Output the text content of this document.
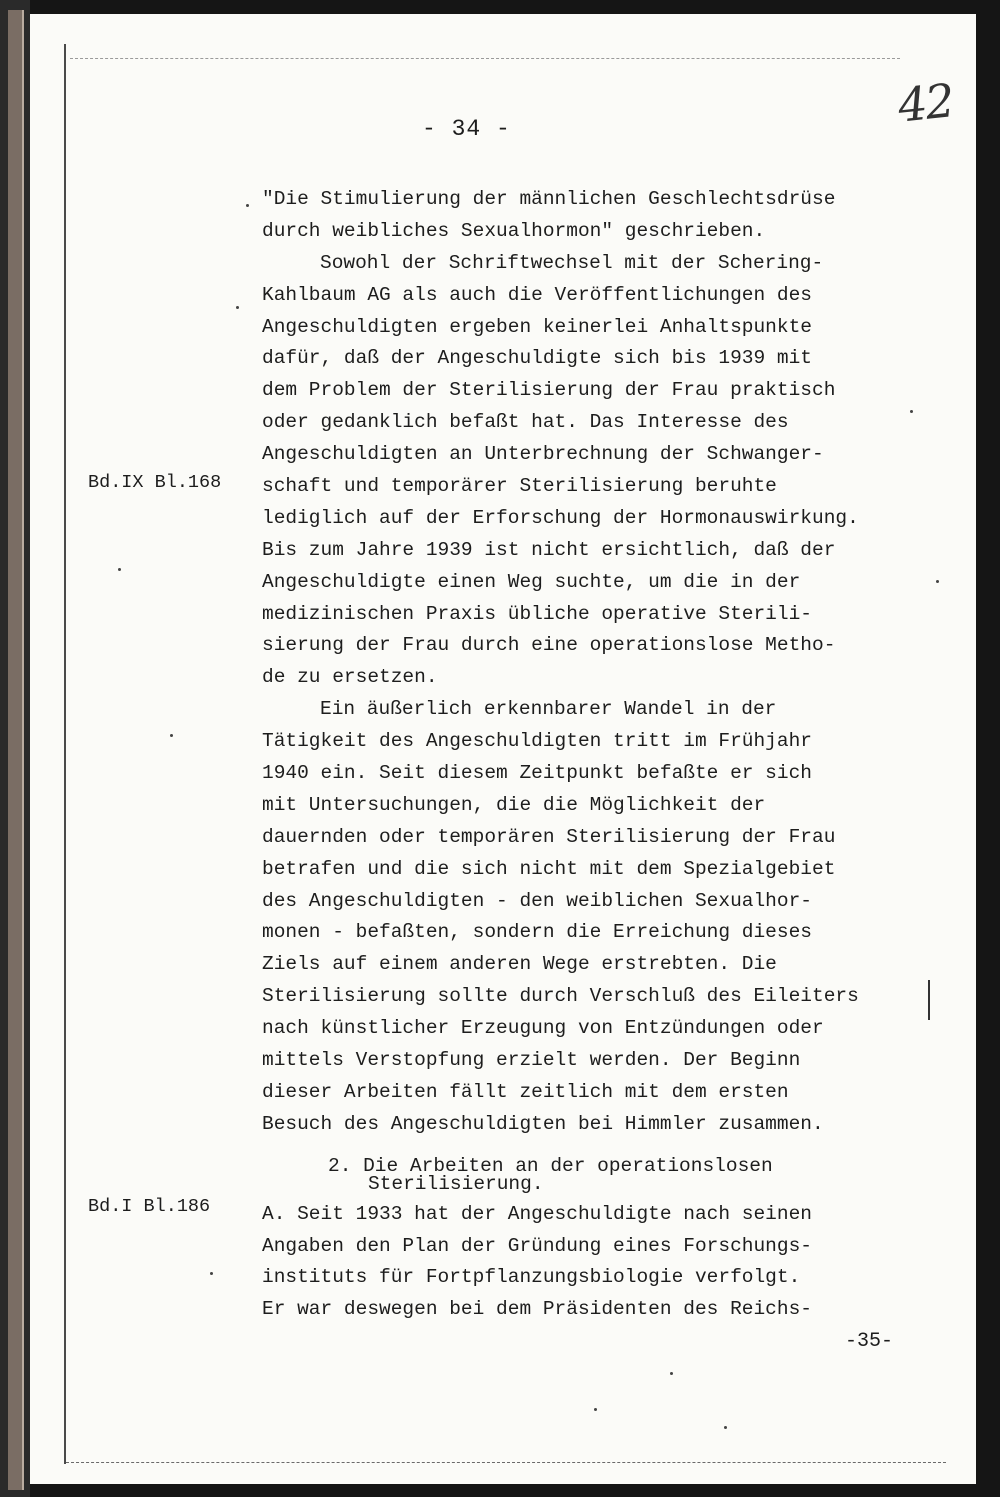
- 34 -	42
Bd.IX Bl.168
Bd.I Bl.186
"Die Stimulierung der männlichen Geschlechtsdrüse
durch weibliches Sexualhormon" geschrieben.
Sowohl der Schriftwechsel mit der Schering-
Kahlbaum AG als auch die Veröffentlichungen des
Angeschuldigten ergeben keinerlei Anhaltspunkte
dafür, daß der Angeschuldigte sich bis 1939 mit
dem Problem der Sterilisierung der Frau praktisch
oder gedanklich befaßt hat. Das Interesse des
Angeschuldigten an Unterbrechnung der Schwanger-
schaft und temporärer Sterilisierung beruhte
lediglich auf der Erforschung der Hormonauswirkung.
Bis zum Jahre 1939 ist nicht ersichtlich, daß der
Angeschuldigte einen Weg suchte, um die in der
medizinischen Praxis übliche operative Sterili-
sierung der Frau durch eine operationslose Metho-
de zu ersetzen.
Ein äußerlich erkennbarer Wandel in der
Tätigkeit des Angeschuldigten tritt im Frühjahr
1940 ein. Seit diesem Zeitpunkt befaßte er sich
mit Untersuchungen, die die Möglichkeit der
dauernden oder temporären Sterilisierung der Frau
betrafen und die sich nicht mit dem Spezialgebiet
des Angeschuldigten - den weiblichen Sexualhor-
monen - befaßten, sondern die Erreichung dieses
Ziels auf einem anderen Wege erstrebten. Die
Sterilisierung sollte durch Verschluß des Eileiters
nach künstlicher Erzeugung von Entzündungen oder
mittels Verstopfung erzielt werden. Der Beginn
dieser Arbeiten fällt zeitlich mit dem ersten
Besuch des Angeschuldigten bei Himmler zusammen.
2. Die Arbeiten an der operationslosen
Sterilisierung.
A. Seit 1933 hat der Angeschuldigte nach seinen
Angaben den Plan der Gründung eines Forschungs-
instituts für Fortpflanzungsbiologie verfolgt.
Er war deswegen bei dem Präsidenten des Reichs-
-35-
